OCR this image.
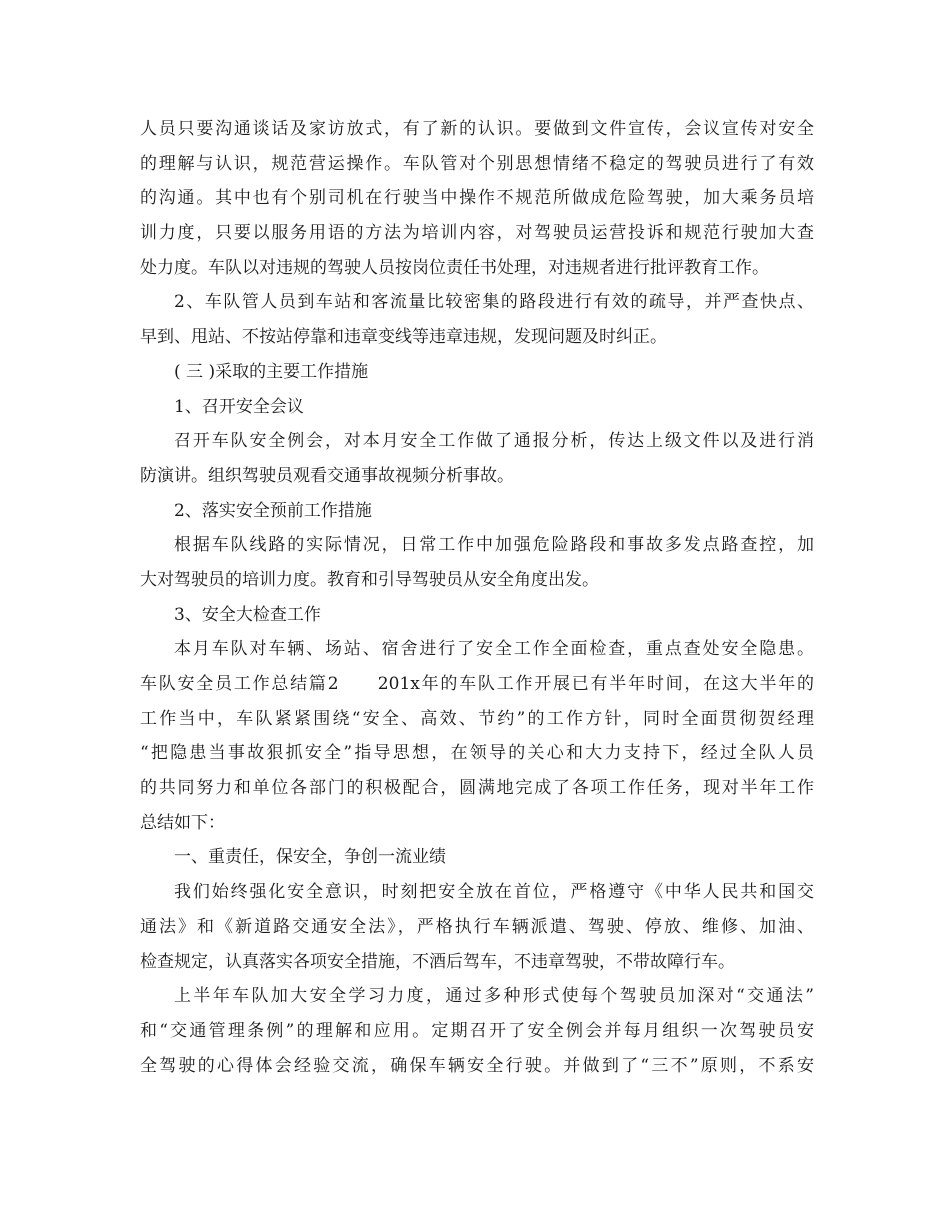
人员只要沟通谈话及家访放式，有了新的认识。要做到文件宣传，会议宣传对安全
的理解与认识，规范营运操作。车队管对个别思想情绪不稳定的驾驶员进行了有效
的沟通。其中也有个别司机在行驶当中操作不规范所做成危险驾驶，加大乘务员培
训力度，只要以服务用语的方法为培训内容，对驾驶员运营投诉和规范行驶加大查
处力度。车队以对违规的驾驶人员按岗位责任书处理，对违规者进行批评教育工作。
2、车队管人员到车站和客流量比较密集的路段进行有效的疏导，并严查快点、
早到、甩站、不按站停靠和违章变线等违章违规，发现问题及时纠正。
( 三 )采取的主要工作措施
1、召开安全会议
召开车队安全例会，对本月安全工作做了通报分析，传达上级文件以及进行消
防演讲。组织驾驶员观看交通事故视频分析事故。
2、落实安全预前工作措施
根据车队线路的实际情况，日常工作中加强危险路段和事故多发点路查控，加
大对驾驶员的培训力度。教育和引导驾驶员从安全角度出发。
3、安全大检查工作
本月车队对车辆、场站、宿舍进行了安全工作全面检查，重点查处安全隐患。
车队安全员工作总结篇2　　201x年的车队工作开展已有半年时间，在这大半年的
工作当中，车队紧紧围绕“安全、高效、节约”的工作方针，同时全面贯彻贺经理
“把隐患当事故狠抓安全”指导思想，在领导的关心和大力支持下，经过全队人员
的共同努力和单位各部门的积极配合，圆满地完成了各项工作任务，现对半年工作
总结如下：
一、重责任，保安全，争创一流业绩
我们始终强化安全意识，时刻把安全放在首位，严格遵守《中华人民共和国交
通法》和《新道路交通安全法》，严格执行车辆派遣、驾驶、停放、维修、加油、
检查规定，认真落实各项安全措施，不酒后驾车，不违章驾驶，不带故障行车。
上半年车队加大安全学习力度，通过多种形式使每个驾驶员加深对“交通法”
和“交通管理条例”的理解和应用。定期召开了安全例会并每月组织一次驾驶员安
全驾驶的心得体会经验交流，确保车辆安全行驶。并做到了“三不”原则，不系安
